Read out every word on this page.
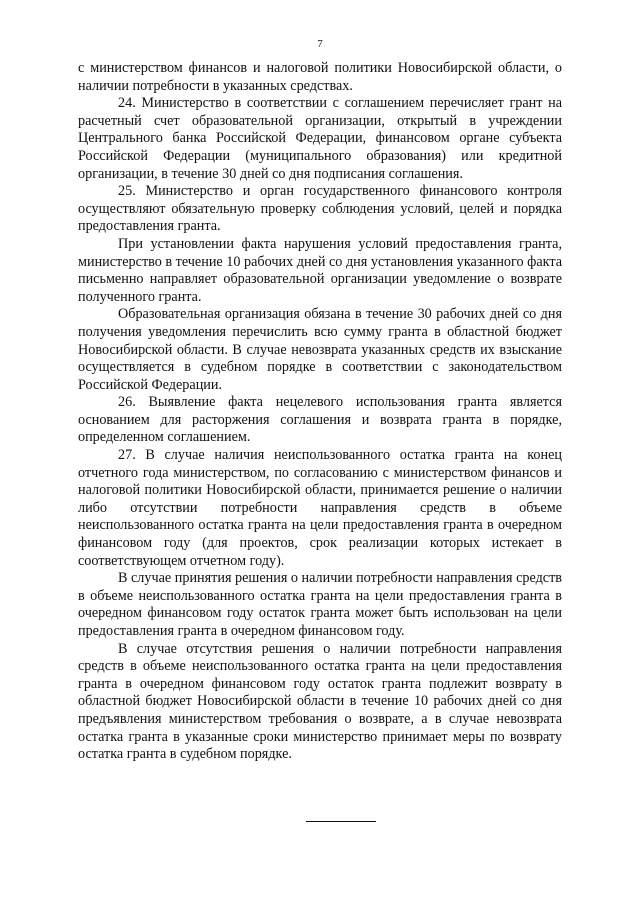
7

с министерством финансов и налоговой политики Новосибирской области, о наличии потребности в указанных средствах.

24. Министерство в соответствии с соглашением перечисляет грант на расчетный счет образовательной организации, открытый в учреждении Центрального банка Российской Федерации, финансовом органе субъекта Российской Федерации (муниципального образования) или кредитной организации, в течение 30 дней со дня подписания соглашения.

25. Министерство и орган государственного финансового контроля осуществляют обязательную проверку соблюдения условий, целей и порядка предоставления гранта.

При установлении факта нарушения условий предоставления гранта, министерство в течение 10 рабочих дней со дня установления указанного факта письменно направляет образовательной организации уведомление о возврате полученного гранта.

Образовательная организация обязана в течение 30 рабочих дней со дня получения уведомления перечислить всю сумму гранта в областной бюджет Новосибирской области. В случае невозврата указанных средств их взыскание осуществляется в судебном порядке в соответствии с законодательством Российской Федерации.

26. Выявление факта нецелевого использования гранта является основанием для расторжения соглашения и возврата гранта в порядке, определенном соглашением.

27. В случае наличия неиспользованного остатка гранта на конец отчетного года министерством, по согласованию с министерством финансов и налоговой политики Новосибирской области, принимается решение о наличии либо отсутствии потребности направления средств в объеме неиспользованного остатка гранта на цели предоставления гранта в очередном финансовом году (для проектов, срок реализации которых истекает в соответствующем отчетном году).

В случае принятия решения о наличии потребности направления средств в объеме неиспользованного остатка гранта на цели предоставления гранта в очередном финансовом году остаток гранта может быть использован на цели предоставления гранта в очередном финансовом году.

В случае отсутствия решения о наличии потребности направления средств в объеме неиспользованного остатка гранта на цели предоставления гранта в очередном финансовом году остаток гранта подлежит возврату в областной бюджет Новосибирской области в течение 10 рабочих дней со дня предъявления министерством требования о возврате, а в случае невозврата остатка гранта в указанные сроки министерство принимает меры по возврату остатка гранта в судебном порядке.
